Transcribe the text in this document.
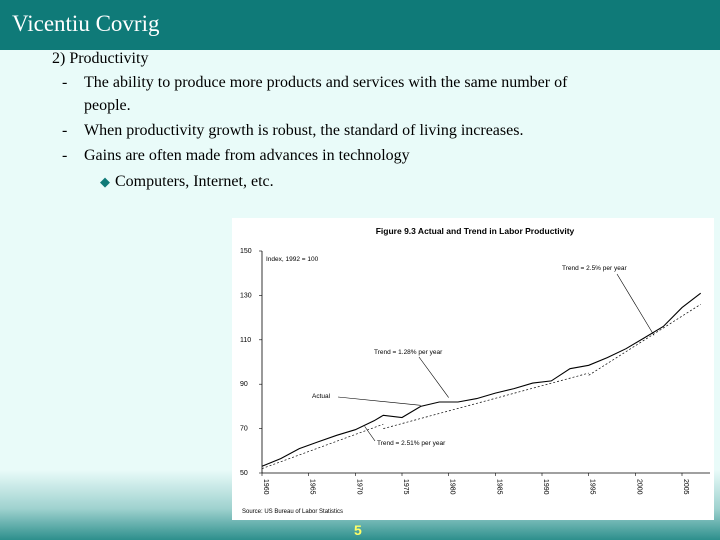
Vicentiu Covrig
2) Productivity
- The ability to produce more products and services with the same number of
people.
- When productivity growth is robust, the standard of living increases.
- Gains are often made from advances in technology
◆ Computers, Internet, etc.
Figure 9.3 Actual and Trend in Labor Productivity
Index, 1992 = 100
Source: US Bureau of Labor Statistics
150
130
110
90
70
50
1960	1965	1970	1975	1980	1985	1990	1995	2000	2005
Actual
Trend = 1.28% per year
Trend = 2.51% per year
Trend = 2.5% per year
5
